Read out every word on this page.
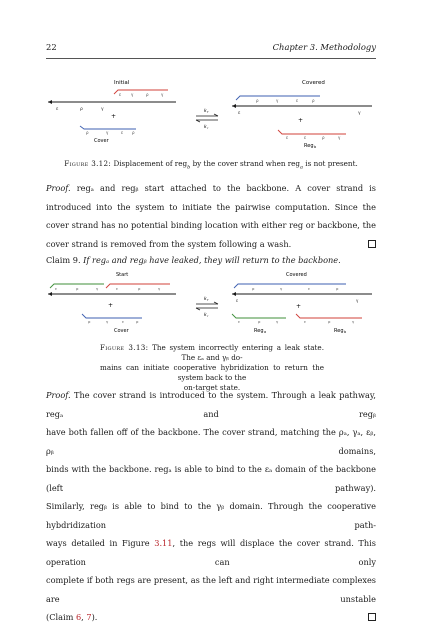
22	Chapter 3. Methodology
Initial
ε γ	ρ	γ
ε	ρ	γ
+
ρ	γ	ε ρ
Cover
k f
k r
Covered
ρ	γ	ε	ρ
ε	γ
+
ε	ε	ρ	γ
Reg b
Figure 3.12: Displacement of reg$_b$ by the cover strand when reg$_a$ is not present.

Proof. regₐ and regᵦ start attached to the backbone. A cover strand is introduced into the system to initiate the pairwise computation. Since the cover strand has no potential binding location with either reg or backbone, the cover strand is removed from the system following a wash.

Claim 9. If regₐ and regᵦ have leaked, they will return to the backbone.

Start
ε	ρ	γ	ε	ρ	γ
+
ρ	γ	ε	ρ
Cover
k f
k r
Covered
ρ	γ	ε	ρ
ε	γ
+
ε	ρ	γ	ε	ρ	γ
Reg a	Reg b
Figure 3.13: The system incorrectly entering a leak state. The εₐ and γᵦ do-
mains can initiate cooperative hybridization to return the system back to the
on-target state.

Proof. The cover strand is introduced to the system. Through a leak pathway, regₐ and regᵦ

have both fallen off of the backbone. The cover strand, matching the ρₐ, γₐ, εᵦ, ρᵦ domains,

binds with the backbone. regₐ is able to bind to the εₐ domain of the backbone (left pathway).

Similarly, regᵦ is able to bind to the γᵦ domain. Through the cooperative hybdridization path-

ways detailed in Figure 3.11, the regs will displace the cover strand. This operation can only

complete if both regs are present, as the left and right intermediate complexes are unstable

(Claim 6, 7).
